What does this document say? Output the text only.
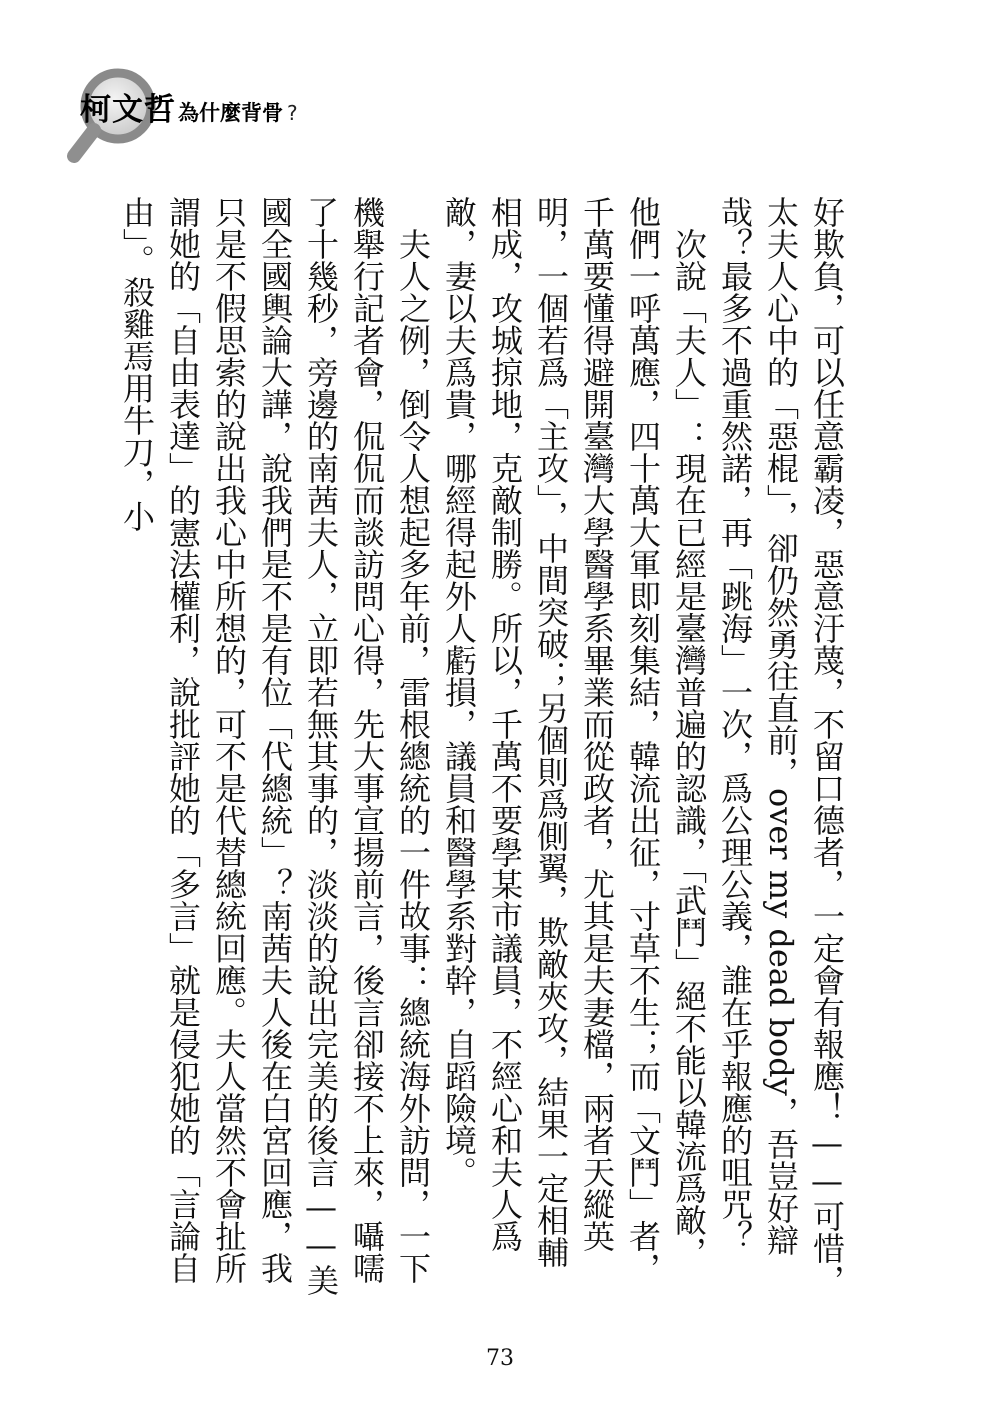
柯文哲為什麼背骨 ?

好欺負，可以任意霸凌，惡意汙蔑，不留口德者，一定會有報應！——可惜，太夫人心中的「惡棍」，卻仍然勇往直前，over my dead body，吾豈好辯哉？最多不過重然諾，再「跳海」一次，爲公理公義，誰在乎報應的咀咒？

次說「夫人」：現在已經是臺灣普遍的認識，「武鬥」絕不能以韓流爲敵，他們一呼萬應，四十萬大軍即刻集結，韓流出征，寸草不生；而「文鬥」者，千萬要懂得避開臺灣大學醫學系畢業而從政者，尤其是夫妻檔，兩者天縱英明，一個若爲「主攻」，中間突破；另個則爲側翼，欺敵夾攻，結果一定相輔相成，攻城掠地，克敵制勝。所以，千萬不要學某市議員，不經心和夫人爲敵，妻以夫爲貴，哪經得起外人虧損，議員和醫學系對幹，自蹈險境。

夫人之例，倒令人想起多年前，雷根總統的一件故事：總統海外訪問，一下機舉行記者會，侃侃而談訪問心得，先大事宣揚前言，後言卻接不上來，囁嚅了十幾秒，旁邊的南茜夫人，立即若無其事的，淡淡的說出完美的後言——美國全國輿論大譁，說我們是不是有位「代總統」？南茜夫人後在白宮回應，我只是不假思索的說出我心中所想的，可不是代替總統回應。夫人當然不會扯所謂她的「自由表達」的憲法權利，說批評她的「多言」就是侵犯她的「言論自由」。殺雞焉用牛刀，小

73
